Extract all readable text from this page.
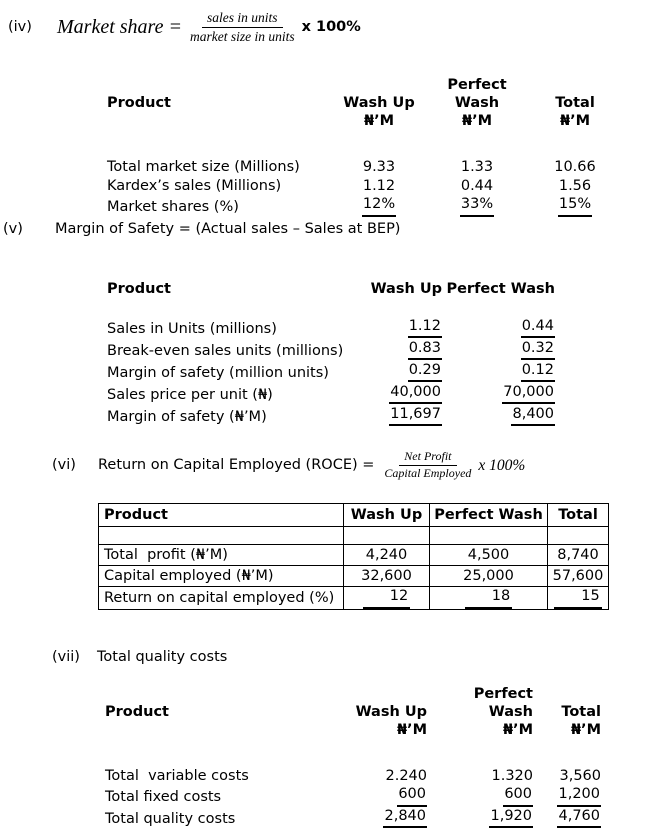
(iv)	Market share = $\frac{\text{sales in units}}{\text{market size in units}}$ x 100%
Product	Wash Up	Perfect Wash	Total
	₦’M	₦’M	₦’M

Total market size (Millions)	9.33	1.33	10.66
Kardex’s sales (Millions)	1.12	0.44	1.56
Market shares (%)	12%	33%	15%
(v)	Margin of Safety = (Actual sales – Sales at BEP)
Product	Wash Up	Perfect Wash

Sales in Units (millions)	1.12	0.44
Break-even sales units (millions)	0.83	0.32
Margin of safety (million units)	0.29	0.12
Sales price per unit (₦)	40,000	70,000
Margin of safety (₦’M)	11,697	8,400
(vi)	Return on Capital Employed (ROCE) = $\frac{\text{Net Profit}}{\text{Capital Employed}}$ x 100%
Product	Wash Up	Perfect Wash	Total

Total  profit (₦’M)	4,240	4,500	8,740
Capital employed (₦’M)	32,600	25,000	57,600
Return on capital employed (%)	12	18	15
(vii)	Total quality costs
Product	Wash Up	Perfect Wash	Total
	₦’M	₦’M	₦’M

Total  variable costs	2.240	1.320	3,560
Total fixed costs	600	600	1,200
Total quality costs	2,840	1,920	4,760
